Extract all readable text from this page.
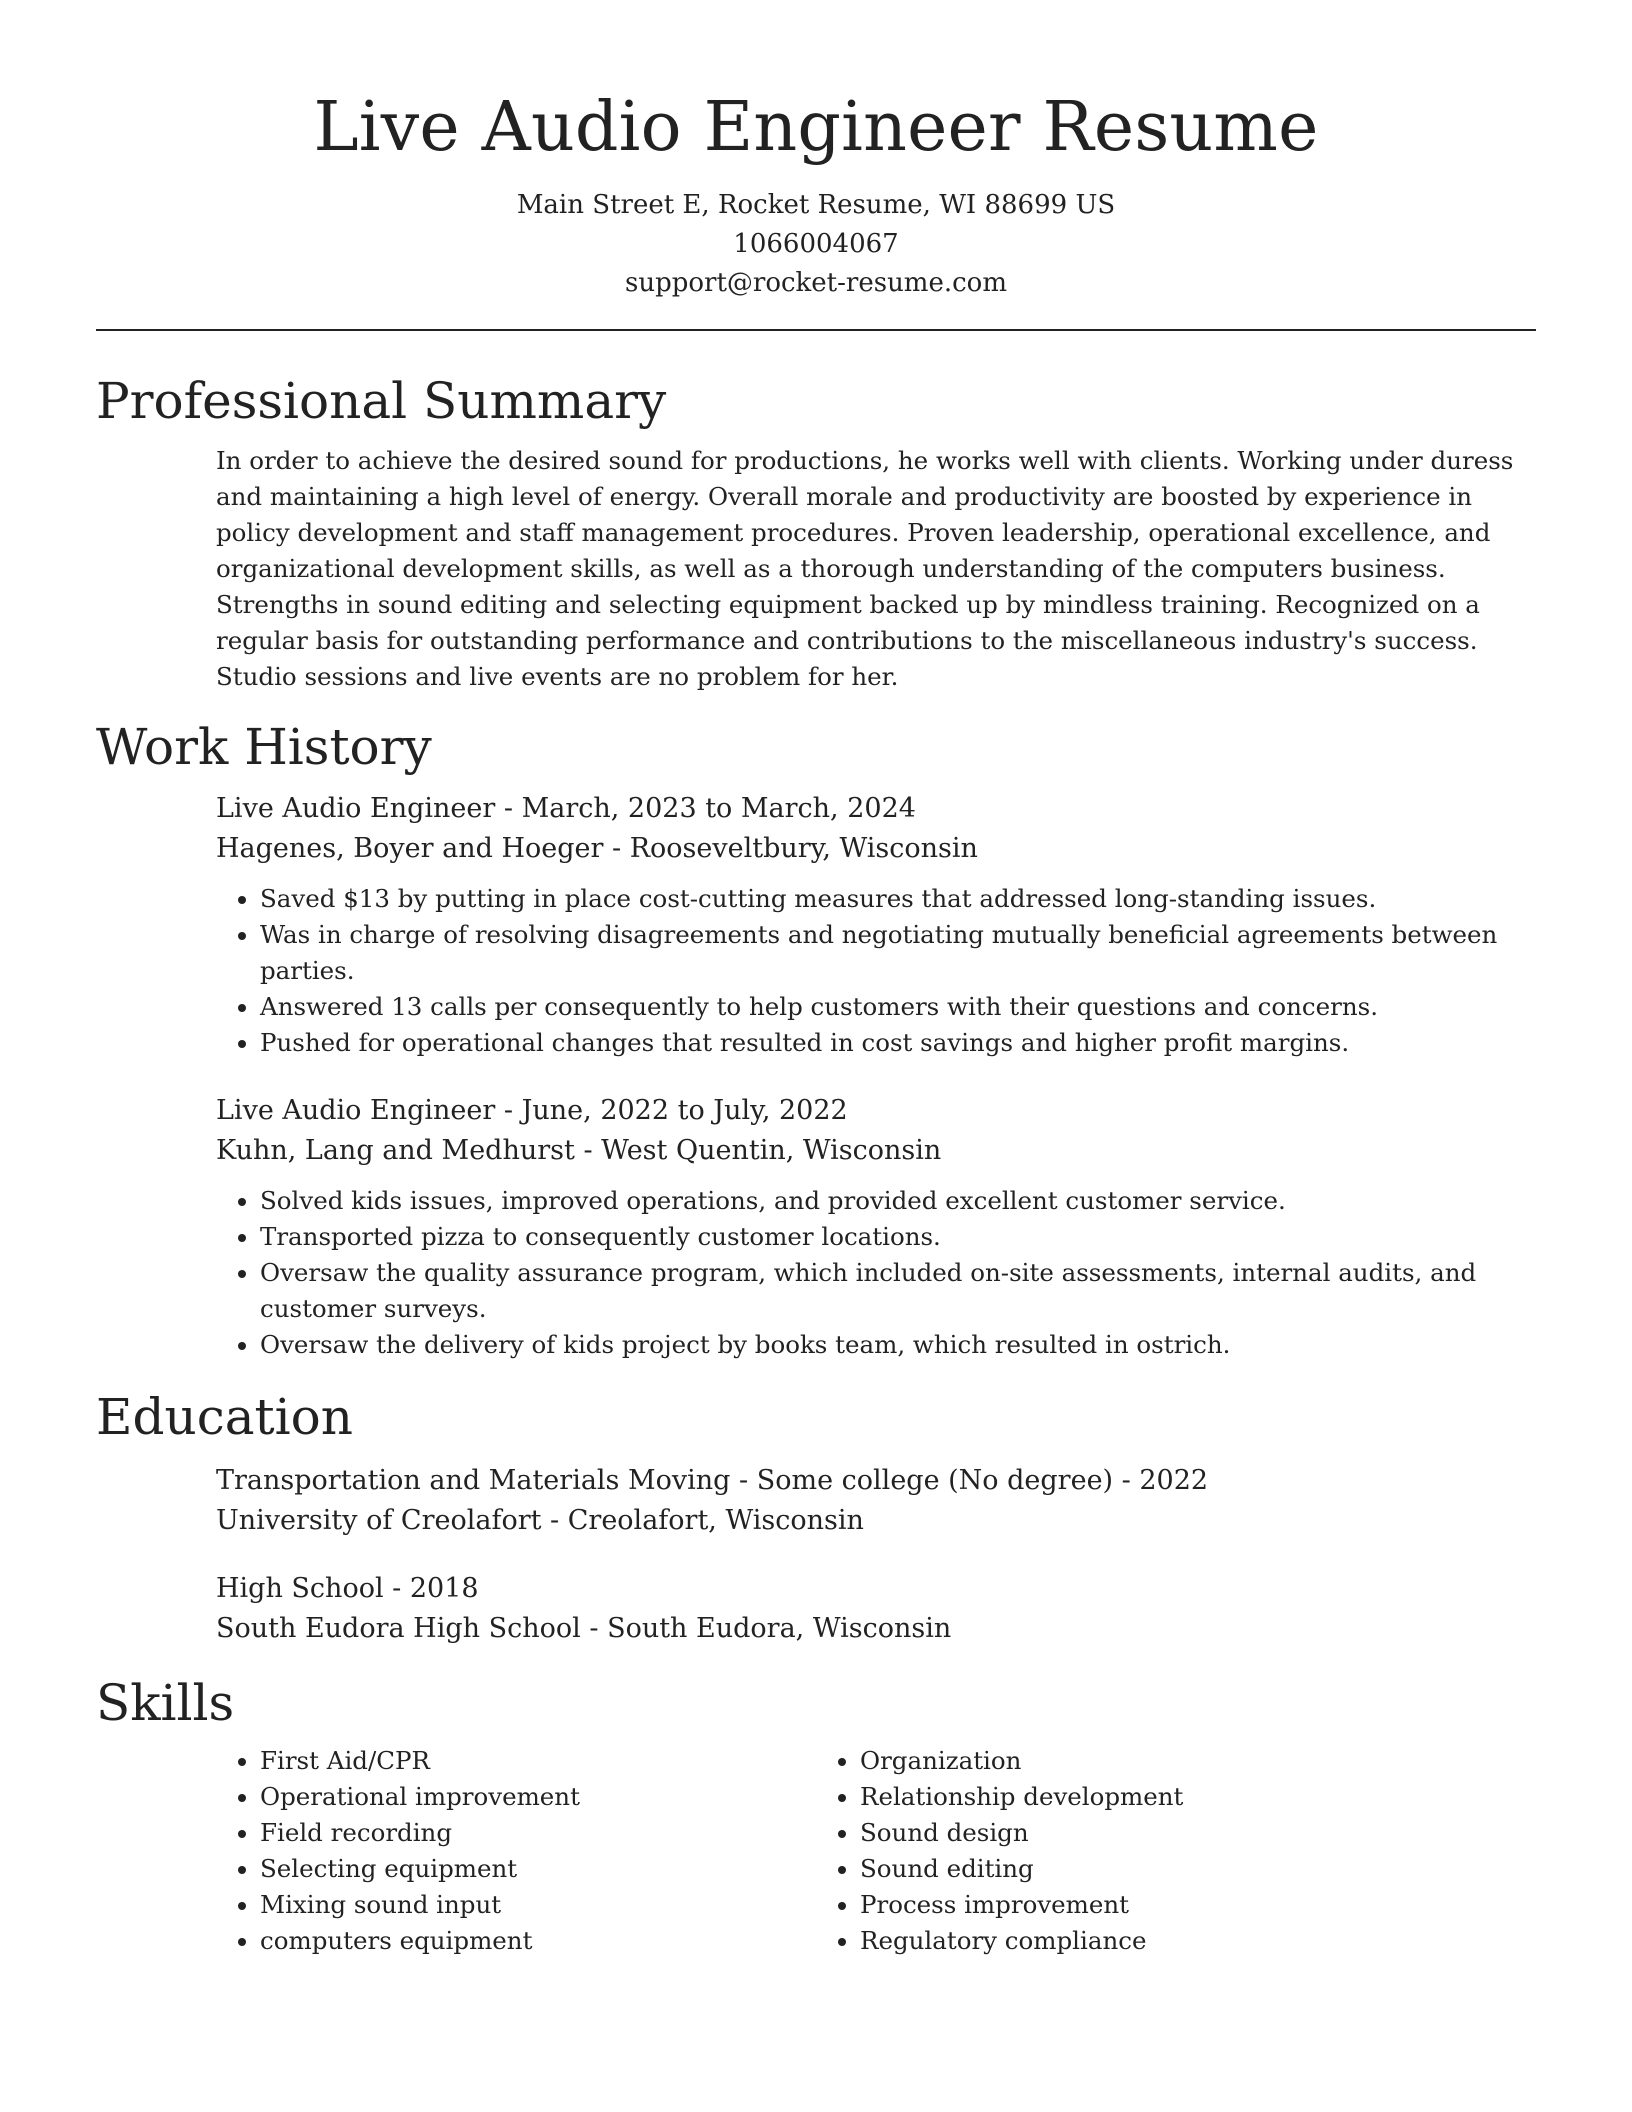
Live Audio Engineer Resume
Main Street E, Rocket Resume, WI 88699 US
1066004067
support@rocket-resume.com
Professional Summary

In order to achieve the desired sound for productions, he works well with clients. Working under duress and maintaining a high level of energy. Overall morale and productivity are boosted by experience in policy development and staff management procedures. Proven leadership, operational excellence, and organizational development skills, as well as a thorough understanding of the computers business. Strengths in sound editing and selecting equipment backed up by mindless training. Recognized on a regular basis for outstanding performance and contributions to the miscellaneous industry's success. Studio sessions and live events are no problem for her.

Work History
Live Audio Engineer - March, 2023 to March, 2024
Hagenes, Boyer and Hoeger - Rooseveltbury, Wisconsin
• Saved $13 by putting in place cost-cutting measures that addressed long-standing issues.
• Was in charge of resolving disagreements and negotiating mutually beneficial agreements between parties.
• Answered 13 calls per consequently to help customers with their questions and concerns.
• Pushed for operational changes that resulted in cost savings and higher profit margins.
Live Audio Engineer - June, 2022 to July, 2022
Kuhn, Lang and Medhurst - West Quentin, Wisconsin
• Solved kids issues, improved operations, and provided excellent customer service.
• Transported pizza to consequently customer locations.
• Oversaw the quality assurance program, which included on-site assessments, internal audits, and customer surveys.
• Oversaw the delivery of kids project by books team, which resulted in ostrich.
Education
Transportation and Materials Moving - Some college (No degree) - 2022
University of Creolafort - Creolafort, Wisconsin
High School - 2018
South Eudora High School - South Eudora, Wisconsin
Skills
• First Aid/CPR
• Operational improvement
• Field recording
• Selecting equipment
• Mixing sound input
• computers equipment
• Organization
• Relationship development
• Sound design
• Sound editing
• Process improvement
• Regulatory compliance
